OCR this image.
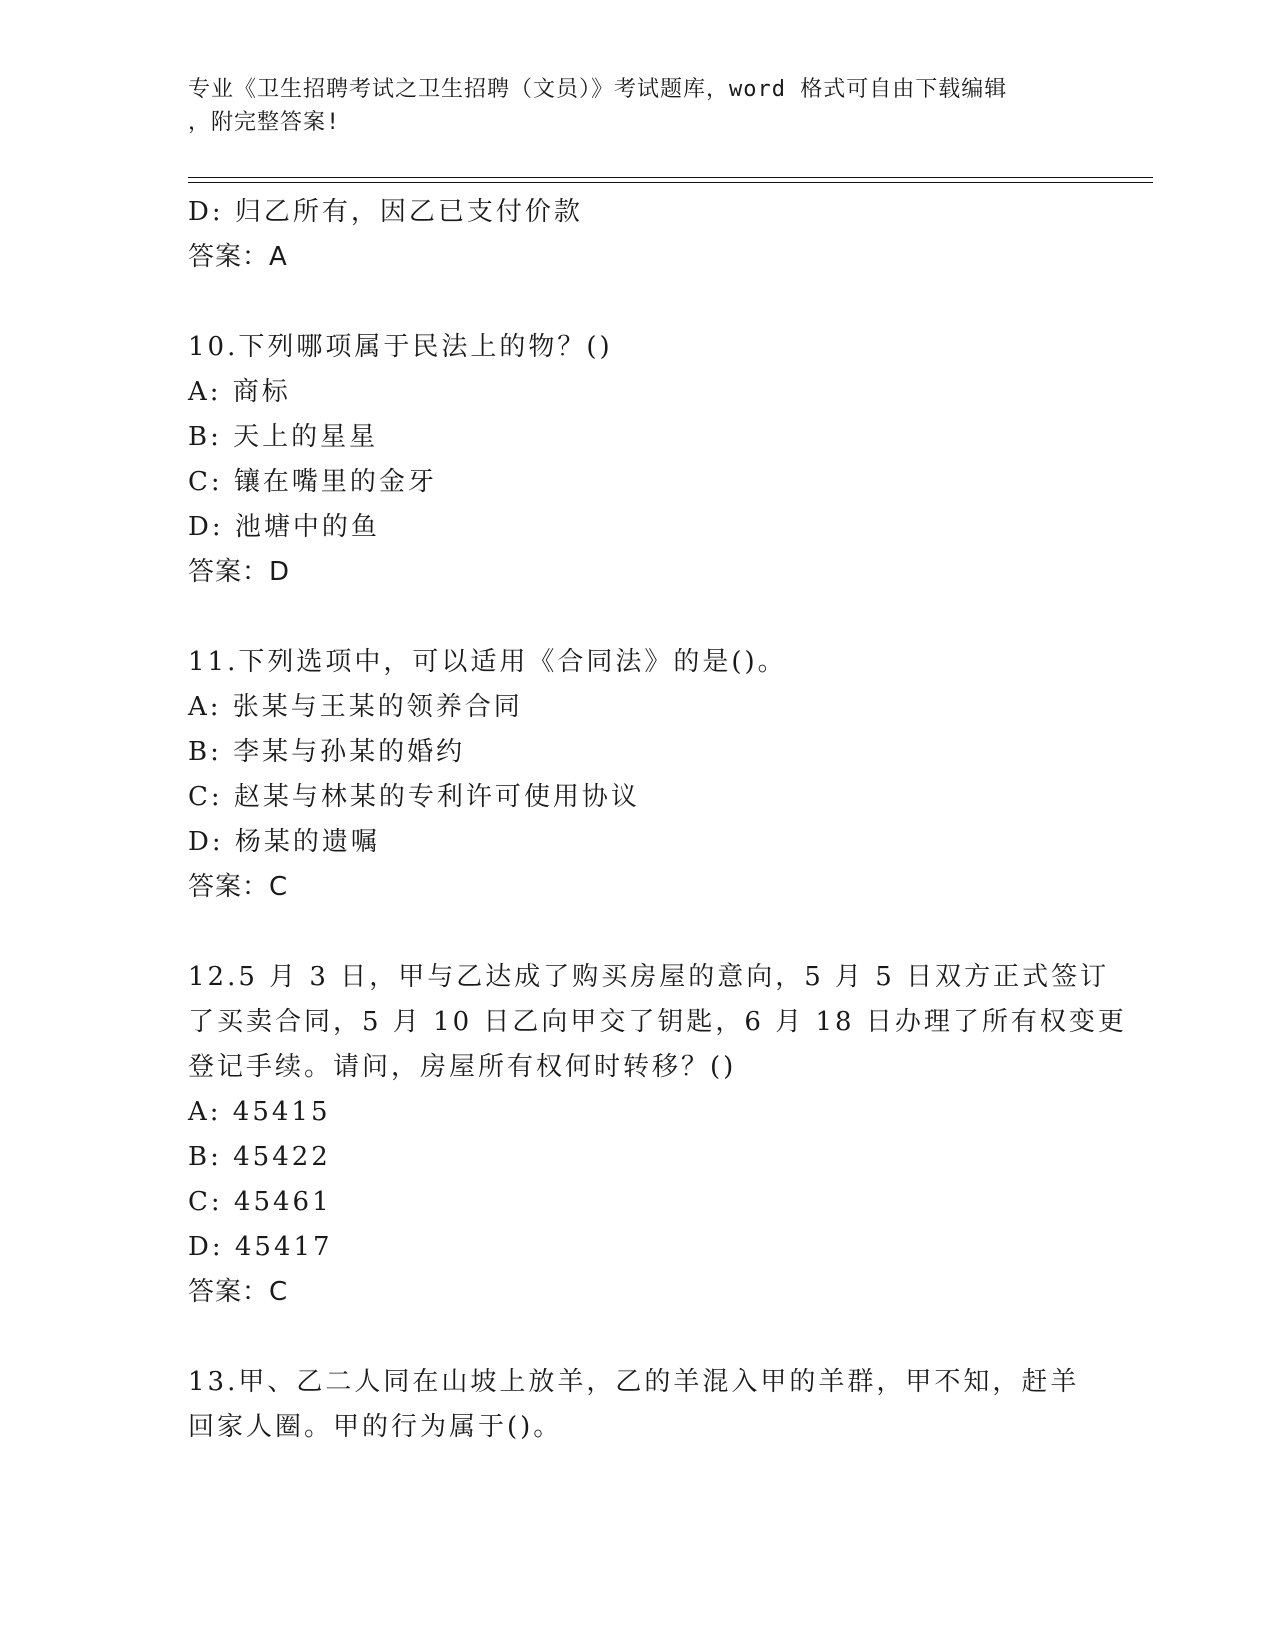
专业《卫生招聘考试之卫生招聘（文员）》考试题库，word 格式可自由下载编辑
，附完整答案!
D: 归乙所有，因乙已支付价款
答案：A
10.下列哪项属于民法上的物？()
A: 商标
B: 天上的星星
C: 镶在嘴里的金牙
D: 池塘中的鱼
答案：D
11.下列选项中，可以适用《合同法》的是()。
A: 张某与王某的领养合同
B: 李某与孙某的婚约
C: 赵某与林某的专利许可使用协议
D: 杨某的遗嘱
答案：C
12.5 月 3 日，甲与乙达成了购买房屋的意向，5 月 5 日双方正式签订
了买卖合同，5 月 10 日乙向甲交了钥匙，6 月 18 日办理了所有权变更
登记手续。请问，房屋所有权何时转移？()
A: 45415
B: 45422
C: 45461
D: 45417
答案：C
13.甲、乙二人同在山坡上放羊，乙的羊混入甲的羊群，甲不知，赶羊
回家人圈。甲的行为属于()。
